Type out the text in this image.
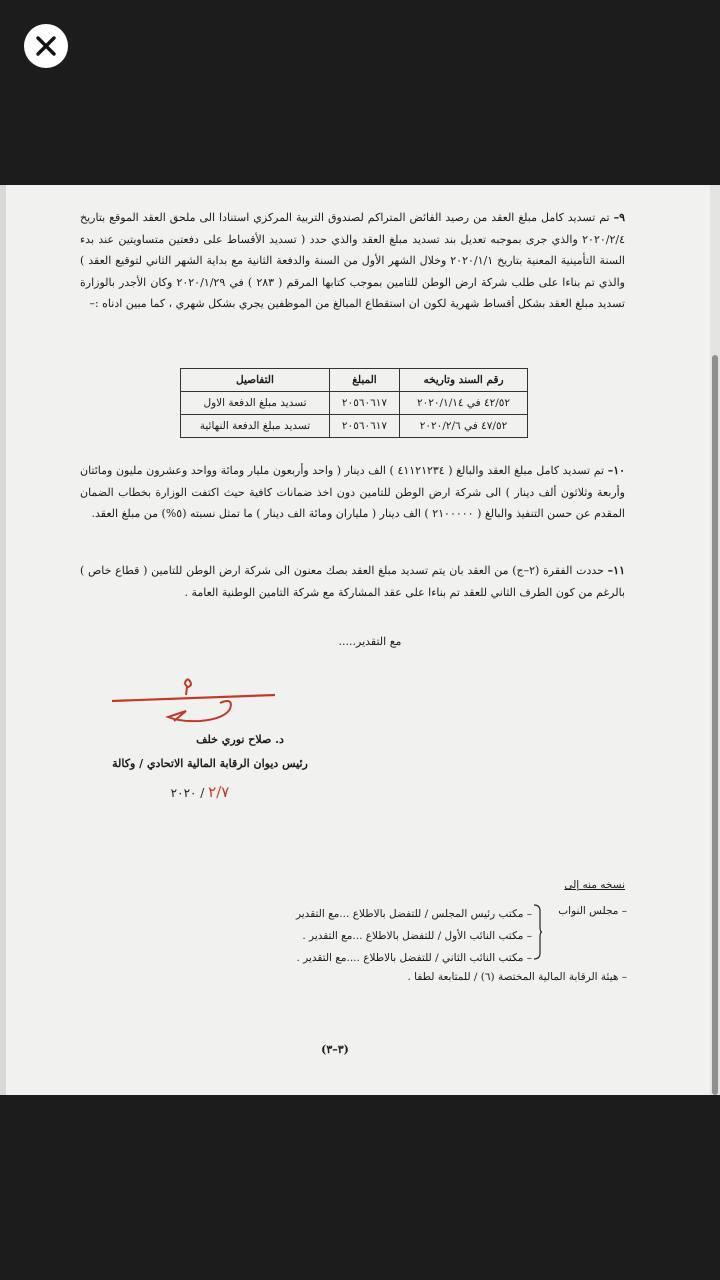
٩– تم تسديد كامل مبلغ العقد من رصيد الفائض المتراكم لصندوق التربية المركزي استنادا الى ملحق العقد الموقع بتاريخ ٢٠٢٠/٢/٤ والذي جرى بموجبه تعديل بند تسديد مبلغ العقد والذي حدد ( تسديد الأقساط على دفعتين متساويتين عند بدء السنة التأمينية المعنية بتاريخ ٢٠٢٠/١/١ وخلال الشهر الأول من السنة والدفعة الثانية مع بداية الشهر الثاني لتوقيع العقد ) والذي تم بناءا على طلب شركة ارض الوطن للتامين بموجب كتابها المرقم ( ٢٨٣ ) في ٢٠٢٠/١/٢٩ وكان الأجدر بالوزارة تسديد مبلغ العقد بشكل أقساط شهرية لكون ان استقطاع المبالغ من الموظفين يجري بشكل شهري ، كما مبين ادناه :–

رقم السند وتاريخه	المبلغ	التفاصيل
٤٢/٥٢ في ٢٠٢٠/١/١٤	٢٠٥٦٠٦١٧	تسديد مبلغ الدفعة الاول
٤٧/٥٢ في ٢٠٢٠/٢/٦	٢٠٥٦٠٦١٧	تسديد مبلغ الدفعة النهائية

١٠– تم تسديد كامل مبلغ العقد والبالغ ( ٤١١٢١٢٣٤ ) الف دينار ( واحد وأربعون مليار ومائة وواحد وعشرون مليون ومائتان وأربعة وثلاثون ألف دينار ) الى شركة ارض الوطن للتامين دون اخذ ضمانات كافية حيث اكتفت الوزارة بخطاب الضمان المقدم عن حسن التنفيذ والبالغ ( ٢١٠٠٠٠٠ ) الف دينار ( ملياران ومائة الف دينار ) ما تمثل نسبته (٥%) من مبلغ العقد.

١١– حددت الفقرة (٢–ج) من العقد بان يتم تسديد مبلغ العقد بصك معنون الى شركة ارض الوطن للتامين ( قطاع خاص ) بالرغم من كون الطرف الثاني للعقد تم بناءا على عقد المشاركة مع شركة التامين الوطنية العامة .

مع التقدير.....
د. صلاح نوري خلف
رئيس ديوان الرقابة المالية الاتحادي / وكالة
٢/٧ / ٢٠٢٠
نسخه منه إلى
– مجلس النواب
– مكتب رئيس المجلس / للتفضل بالاطلاع ...مع التقدير
– مكتب النائب الأول / للتفضل بالاطلاع ...مع التقدير .
– مكتب النائب الثاني / للتفضل بالاطلاع ....مع التقدير .
– هيئة الرقابة المالية المختصة (٦) / للمتابعة لطفا .
(٣–٣)
